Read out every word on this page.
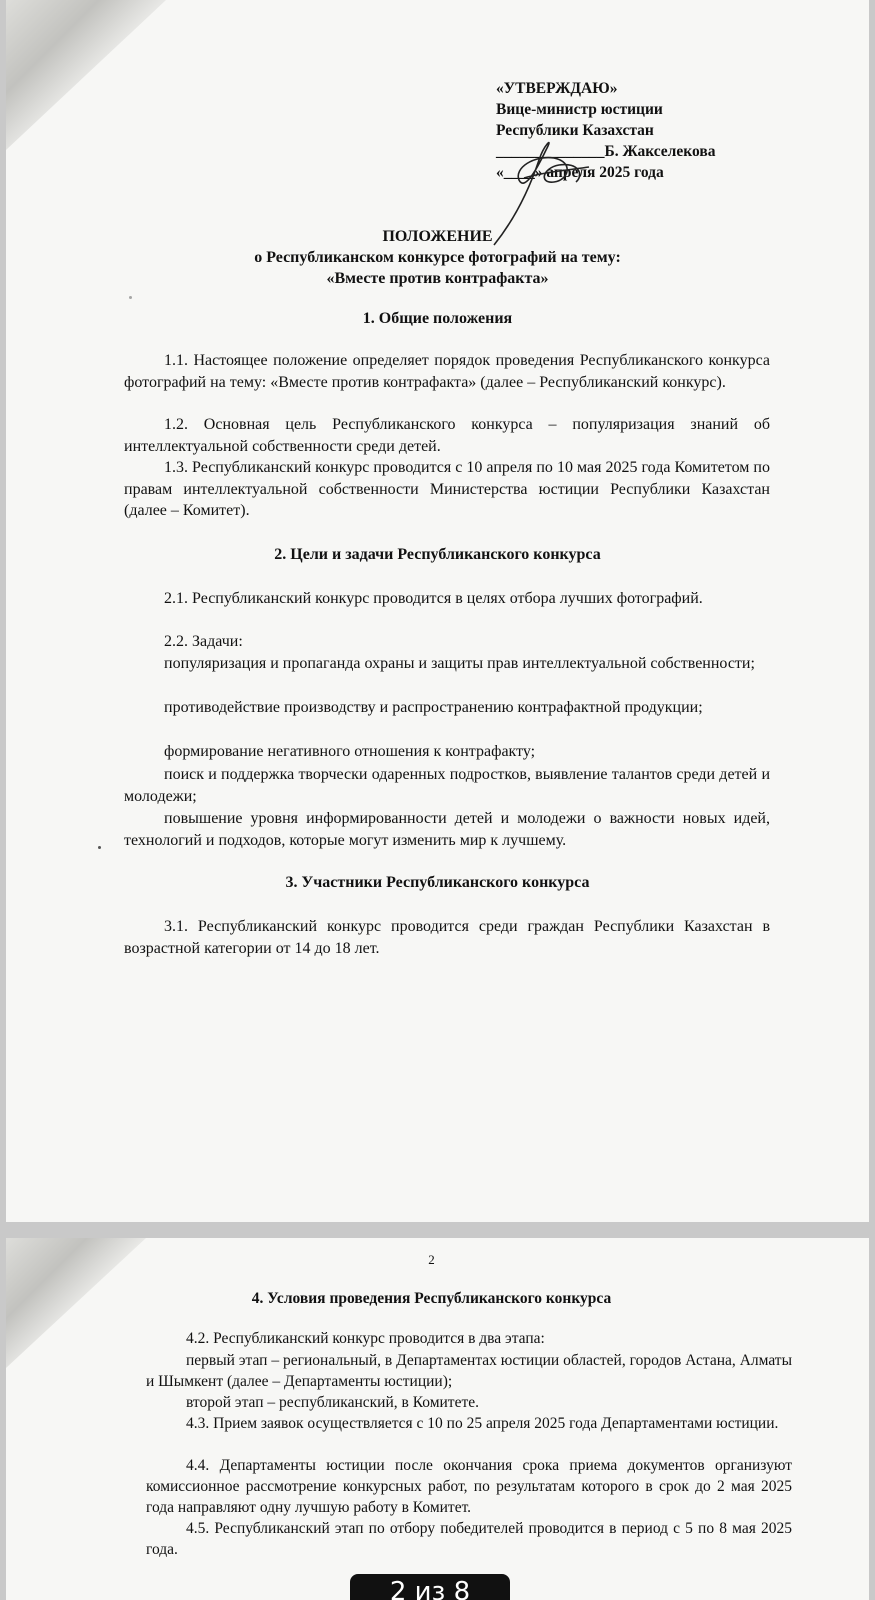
«УТВЕРЖДАЮ»
Вице-министр юстиции
Республики Казахстан
______________Б. Жакселекова
«____» апреля 2025 года
ПОЛОЖЕНИЕ
о Республиканском конкурсе фотографий на тему:
«Вместе против контрафакта»
1. Общие положения
1.1. Настоящее положение определяет порядок проведения Республиканского конкурса фотографий на тему: «Вместе против контрафакта» (далее – Республиканский конкурс).
1.2. Основная цель Республиканского конкурса – популяризация знаний об интеллектуальной собственности среди детей.
1.3. Республиканский конкурс проводится с 10 апреля по 10 мая 2025 года Комитетом по правам интеллектуальной собственности Министерства юстиции Республики Казахстан (далее – Комитет).
2. Цели и задачи Республиканского конкурса
2.1. Республиканский конкурс проводится в целях отбора лучших фотографий.
2.2. Задачи:
популяризация и пропаганда охраны и защиты прав интеллектуальной собственности;
противодействие производству и распространению контрафактной продукции;
формирование негативного отношения к контрафакту;
поиск и поддержка творчески одаренных подростков, выявление талантов среди детей и молодежи;
повышение уровня информированности детей и молодежи о важности новых идей, технологий и подходов, которые могут изменить мир к лучшему.
3. Участники Республиканского конкурса
3.1. Республиканский конкурс проводится среди граждан Республики Казахстан в возрастной категории от 14 до 18 лет.
2
4. Условия проведения Республиканского конкурса
4.2. Республиканский конкурс проводится в два этапа:
первый этап – региональный, в Департаментах юстиции областей, городов Астана, Алматы и Шымкент (далее – Департаменты юстиции);
второй этап – республиканский, в Комитете.
4.3. Прием заявок осуществляется с 10 по 25 апреля 2025 года Департаментами юстиции.
4.4. Департаменты юстиции после окончания срока приема документов организуют комиссионное рассмотрение конкурсных работ, по результатам которого в срок до 2 мая 2025 года направляют одну лучшую работу в Комитет.
4.5. Республиканский этап по отбору победителей проводится в период с 5 по 8 мая 2025 года.
2 из 8
